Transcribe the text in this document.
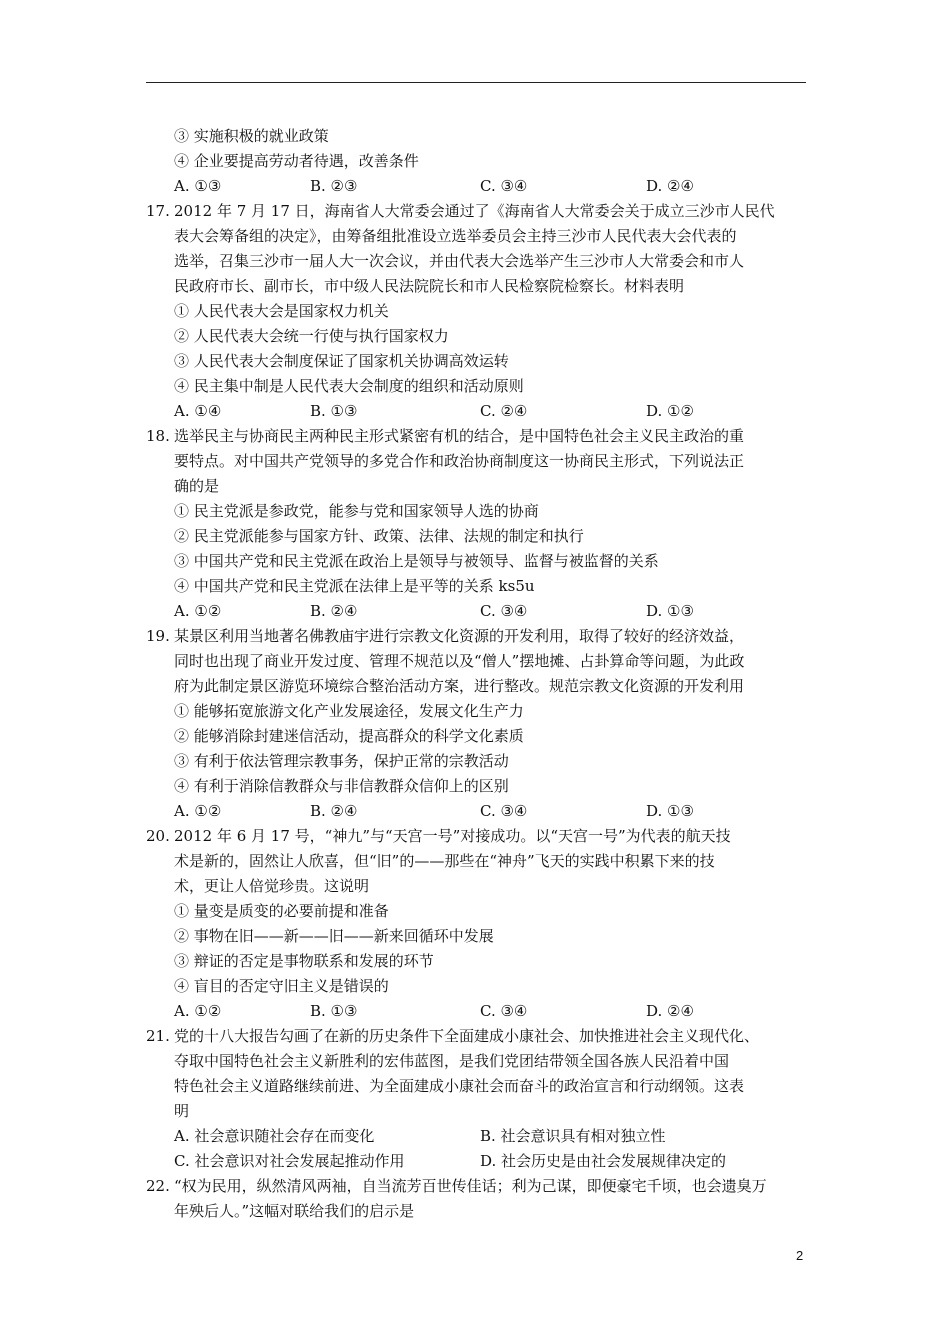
③ 实施积极的就业政策
④ 企业要提高劳动者待遇，改善条件
A. ①③	B. ②③	C. ③④	D. ②④
17. 2012 年 7 月 17 日，海南省人大常委会通过了《海南省人大常委会关于成立三沙市人民代
表大会筹备组的决定》，由筹备组批准设立选举委员会主持三沙市人民代表大会代表的
选举，召集三沙市一届人大一次会议，并由代表大会选举产生三沙市人大常委会和市人
民政府市长、副市长，市中级人民法院院长和市人民检察院检察长。材料表明
① 人民代表大会是国家权力机关
② 人民代表大会统一行使与执行国家权力
③ 人民代表大会制度保证了国家机关协调高效运转
④ 民主集中制是人民代表大会制度的组织和活动原则
A. ①④	B. ①③	C. ②④	D. ①②
18. 选举民主与协商民主两种民主形式紧密有机的结合，是中国特色社会主义民主政治的重
要特点。对中国共产党领导的多党合作和政治协商制度这一协商民主形式，下列说法正
确的是
① 民主党派是参政党，能参与党和国家领导人选的协商
② 民主党派能参与国家方针、政策、法律、法规的制定和执行
③ 中国共产党和民主党派在政治上是领导与被领导、监督与被监督的关系
④ 中国共产党和民主党派在法律上是平等的关系 ks5u
A. ①②	B. ②④	C. ③④	D. ①③
19. 某景区利用当地著名佛教庙宇进行宗教文化资源的开发利用，取得了较好的经济效益，
同时也出现了商业开发过度、管理不规范以及“僧人”摆地摊、占卦算命等问题，为此政
府为此制定景区游览环境综合整治活动方案，进行整改。规范宗教文化资源的开发利用
① 能够拓宽旅游文化产业发展途径，发展文化生产力
② 能够消除封建迷信活动，提高群众的科学文化素质
③ 有利于依法管理宗教事务，保护正常的宗教活动
④ 有利于消除信教群众与非信教群众信仰上的区别
A. ①②	B. ②④	C. ③④	D. ①③
20. 2012 年 6 月 17 号，“神九”与“天宫一号”对接成功。以“天宫一号”为代表的航天技
术是新的，固然让人欣喜，但“旧”的——那些在“神舟”飞天的实践中积累下来的技
术，更让人倍觉珍贵。这说明
① 量变是质变的必要前提和准备
② 事物在旧——新——旧——新来回循环中发展
③ 辩证的否定是事物联系和发展的环节
④ 盲目的否定守旧主义是错误的
A. ①②	B. ①③	C. ③④	D. ②④
21. 党的十八大报告勾画了在新的历史条件下全面建成小康社会、加快推进社会主义现代化、
夺取中国特色社会主义新胜利的宏伟蓝图，是我们党团结带领全国各族人民沿着中国
特色社会主义道路继续前进、为全面建成小康社会而奋斗的政治宣言和行动纲领。这表
明
A. 社会意识随社会存在而变化	B. 社会意识具有相对独立性
C. 社会意识对社会发展起推动作用	D. 社会历史是由社会发展规律决定的
22. “权为民用，纵然清风两袖，自当流芳百世传佳话；利为己谋，即便豪宅千顷，也会遗臭万
年殃后人。”这幅对联给我们的启示是
2
